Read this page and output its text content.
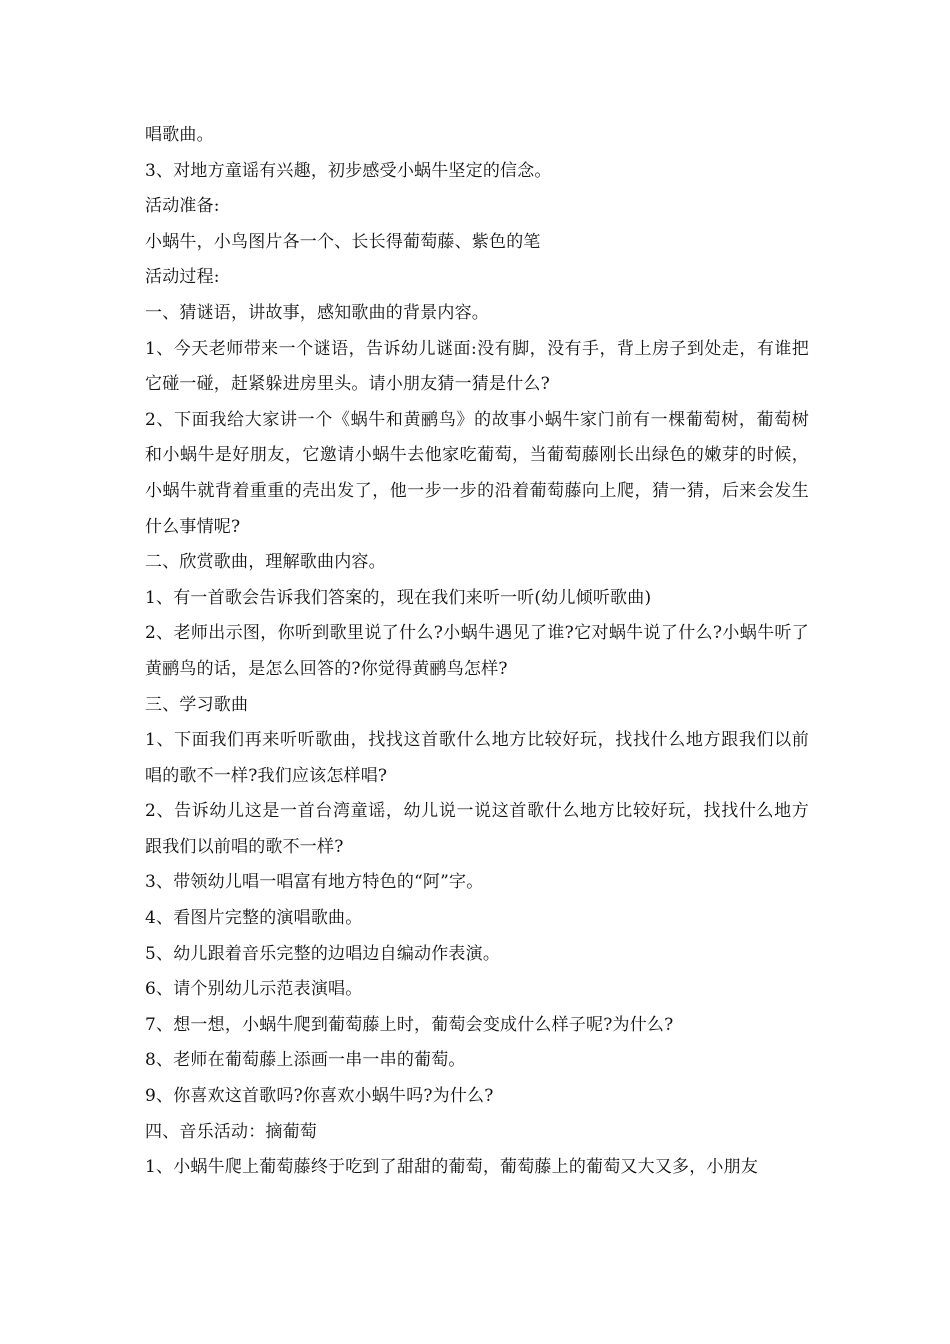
唱歌曲。

3、对地方童谣有兴趣，初步感受小蜗牛坚定的信念。

活动准备:

小蜗牛，小鸟图片各一个、长长得葡萄藤、紫色的笔

活动过程:

一、猜谜语，讲故事，感知歌曲的背景内容。

1、今天老师带来一个谜语，告诉幼儿谜面:没有脚，没有手，背上房子到处走，有谁把它碰一碰，赶紧躲进房里头。请小朋友猜一猜是什么?

2、下面我给大家讲一个《蜗牛和黄鹂鸟》的故事小蜗牛家门前有一棵葡萄树，葡萄树和小蜗牛是好朋友，它邀请小蜗牛去他家吃葡萄，当葡萄藤刚长出绿色的嫩芽的时候，小蜗牛就背着重重的壳出发了，他一步一步的沿着葡萄藤向上爬，猜一猜，后来会发生什么事情呢?

二、欣赏歌曲，理解歌曲内容。

1、有一首歌会告诉我们答案的，现在我们来听一听(幼儿倾听歌曲)

2、老师出示图，你听到歌里说了什么?小蜗牛遇见了谁?它对蜗牛说了什么?小蜗牛听了黄鹂鸟的话，是怎么回答的?你觉得黄鹂鸟怎样?

三、学习歌曲

1、下面我们再来听听歌曲，找找这首歌什么地方比较好玩，找找什么地方跟我们以前唱的歌不一样?我们应该怎样唱?

2、告诉幼儿这是一首台湾童谣，幼儿说一说这首歌什么地方比较好玩，找找什么地方跟我们以前唱的歌不一样?

3、带领幼儿唱一唱富有地方特色的“阿”字。

4、看图片完整的演唱歌曲。

5、幼儿跟着音乐完整的边唱边自编动作表演。

6、请个别幼儿示范表演唱。

7、想一想，小蜗牛爬到葡萄藤上时，葡萄会变成什么样子呢?为什么?

8、老师在葡萄藤上添画一串一串的葡萄。

9、你喜欢这首歌吗?你喜欢小蜗牛吗?为什么?

四、音乐活动：摘葡萄

1、小蜗牛爬上葡萄藤终于吃到了甜甜的葡萄，葡萄藤上的葡萄又大又多，小朋友
